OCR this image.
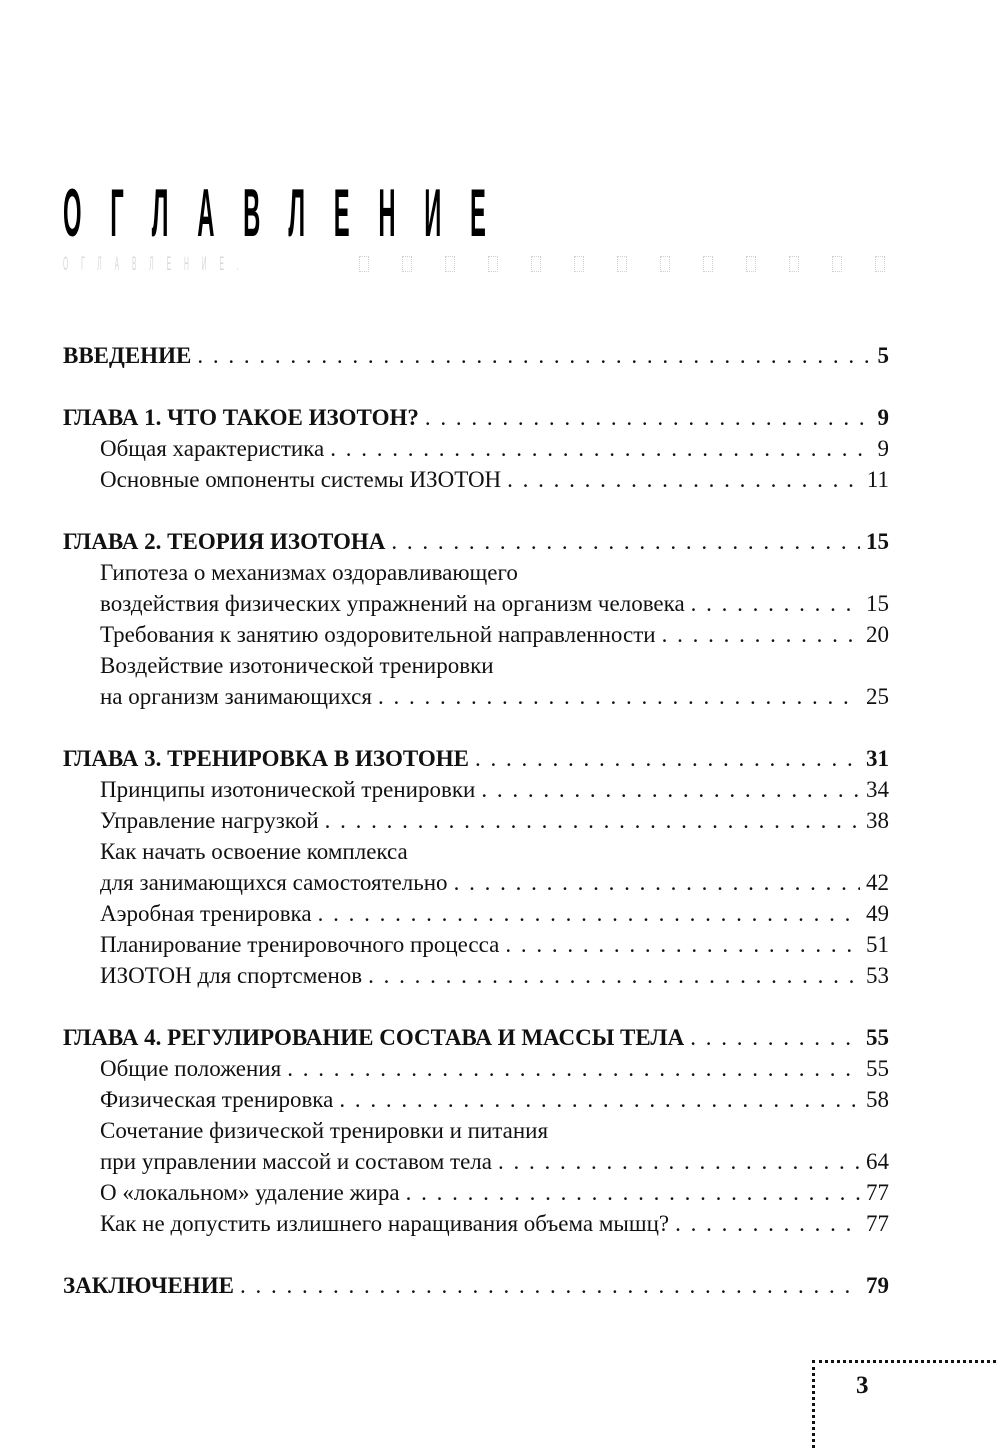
ОГЛАВЛЕНИЕ
ОГЛАВЛЕНИЕ.
ВВЕДЕНИЕ . . .	5
ГЛАВА 1. ЧТО ТАКОЕ ИЗОТОН? . . .	9
Общая характеристика . . .	9
Основные омпоненты системы ИЗОТОН . . .	11
ГЛАВА 2. ТЕОРИЯ ИЗОТОНА . . .	15
Гипотеза о механизмах оздоравливающего
воздействия физических упражнений на организм человека . . .	15
Требования к занятию оздоровительной направленности . . .	20
Воздействие изотонической тренировки
на организм занимающихся . . .	25
ГЛАВА 3. ТРЕНИРОВКА В ИЗОТОНЕ . . .	31
Принципы изотонической тренировки . . .	34
Управление нагрузкой . . .	38
Как начать освоение комплекса
для занимающихся самостоятельно . . .	42
Аэробная тренировка . . .	49
Планирование тренировочного процесса . . .	51
ИЗОТОН для спортсменов . . .	53
ГЛАВА 4. РЕГУЛИРОВАНИЕ СОСТАВА И МАССЫ ТЕЛА . . .	55
Общие положения . . .	55
Физическая тренировка . . .	58
Сочетание физической тренировки и питания
при управлении массой и составом тела . . .	64
О «локальном» удаление жира . . .	77
Как не допустить излишнего наращивания объема мышц? . . .	77
ЗАКЛЮЧЕНИЕ . . .	79
3
